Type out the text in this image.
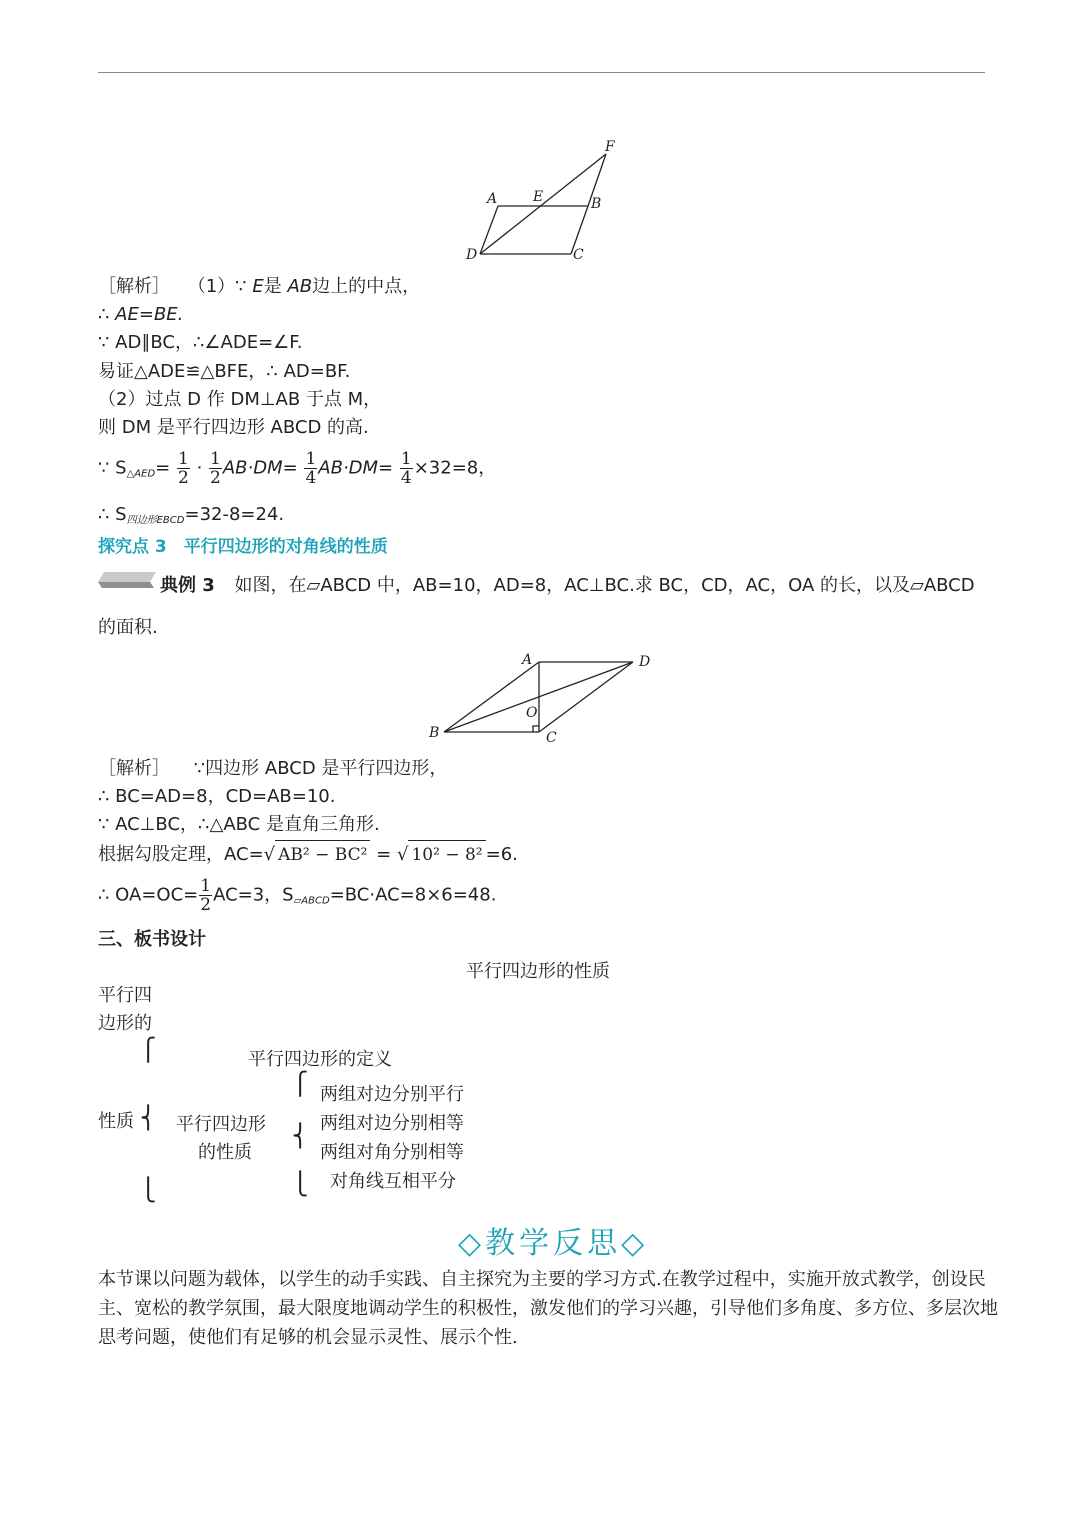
F
A	E	B
D	C
［解析］ （1）∵ E是 AB边上的中点，
∴ AE=BE.
∵ AD∥BC，∴∠ADE=∠F.
易证△ADE≌△BFE，∴ AD=BF.
（2）过点 D 作 DM⊥AB 于点 M，
则 DM 是平行四边形 ABCD 的高.
∵ $S_{\triangle AED}= \frac{1}{2} \cdot \frac{1}{2} AB\cdot DM= \frac{1}{4} AB\cdot DM= \frac{1}{4} \times 32=8$，
∴ $S_{四边形EBCD}=32-8=24$.
探究点 3　平行四边形的对角线的性质
典例 3 如图，在▱ABCD 中，AB=10，AD=8，AC⊥BC.求 BC，CD，AC，OA 的长，以及▱ABCD
的面积.
A	D
O
B	C
［解析］ ∵四边形 ABCD 是平行四边形，
∴ BC=AD=8，CD=AB=10.
∵ AC⊥BC，∴△ABC 是直角三角形.
根据勾股定理，AC=√ AB² − BC² = √ 10² − 8² =6.
∴ $OA=OC= \frac{1}{2} AC=3$，$S_{▱ABCD}=BC\cdot AC=8\times 6=48$.
三、板书设计
平行四边形的性质
平行四
边形的
性质
⎧
⎨
⎩
平行四边形的定义
平行四边形
的性质
⎧
⎨
⎩
两组对边分别平行
两组对边分别相等
两组对角分别相等
对角线互相平分
◇教学反思◇
本节课以问题为载体，以学生的动手实践、自主探究为主要的学习方式.在教学过程中，实施开放式教学，创设民主、宽松的教学氛围，最大限度地调动学生的积极性，激发他们的学习兴趣，引导他们多角度、多方位、多层次地思考问题，使他们有足够的机会显示灵性、展示个性.
